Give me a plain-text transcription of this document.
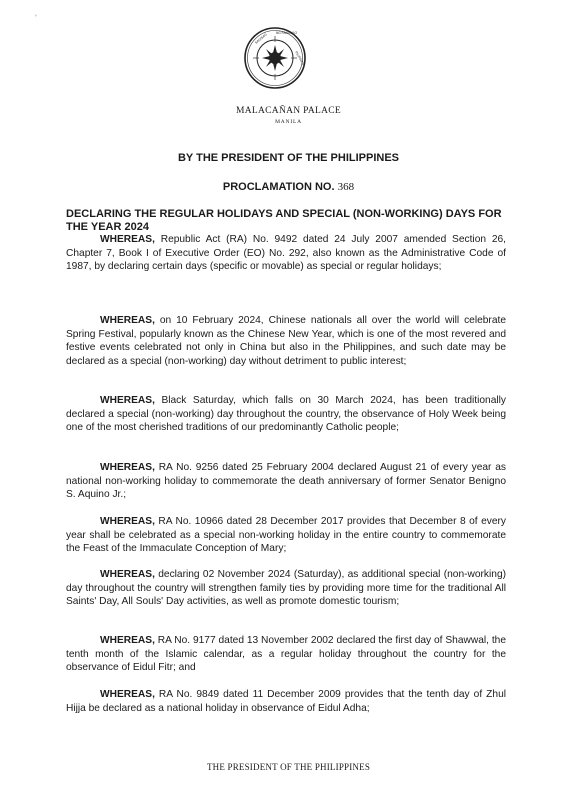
ʼ
SAGISAG	NG PANGULO
PILIPINAS
MALACAÑAN PALACE
MANILA
BY THE PRESIDENT OF THE PHILIPPINES
PROCLAMATION NO. 368
DECLARING THE REGULAR HOLIDAYS AND SPECIAL (NON-WORKING) DAYS FOR THE YEAR 2024

WHEREAS, Republic Act (RA) No. 9492 dated 24 July 2007 amended Section 26, Chapter 7, Book I of Executive Order (EO) No. 292, also known as the Administrative Code of 1987, by declaring certain days (specific or movable) as special or regular holidays;

WHEREAS, on 10 February 2024, Chinese nationals all over the world will celebrate Spring Festival, popularly known as the Chinese New Year, which is one of the most revered and festive events celebrated not only in China but also in the Philippines, and such date may be declared as a special (non-working) day without detriment to public interest;

WHEREAS, Black Saturday, which falls on 30 March 2024, has been traditionally declared a special (non-working) day throughout the country, the observance of Holy Week being one of the most cherished traditions of our predominantly Catholic people;

WHEREAS, RA No. 9256 dated 25 February 2004 declared August 21 of every year as national non-working holiday to commemorate the death anniversary of former Senator Benigno S. Aquino Jr.;

WHEREAS, RA No. 10966 dated 28 December 2017 provides that December 8 of every year shall be celebrated as a special non-working holiday in the entire country to commemorate the Feast of the Immaculate Conception of Mary;

WHEREAS, declaring 02 November 2024 (Saturday), as additional special (non-working) day throughout the country will strengthen family ties by providing more time for the traditional All Saints' Day, All Souls' Day activities, as well as promote domestic tourism;

WHEREAS, RA No. 9177 dated 13 November 2002 declared the first day of Shawwal, the tenth month of the Islamic calendar, as a regular holiday throughout the country for the observance of Eidul Fitr; and

WHEREAS, RA No. 9849 dated 11 December 2009 provides that the tenth day of Zhul Hijja be declared as a national holiday in observance of Eidul Adha;

THE PRESIDENT OF THE PHILIPPINES
